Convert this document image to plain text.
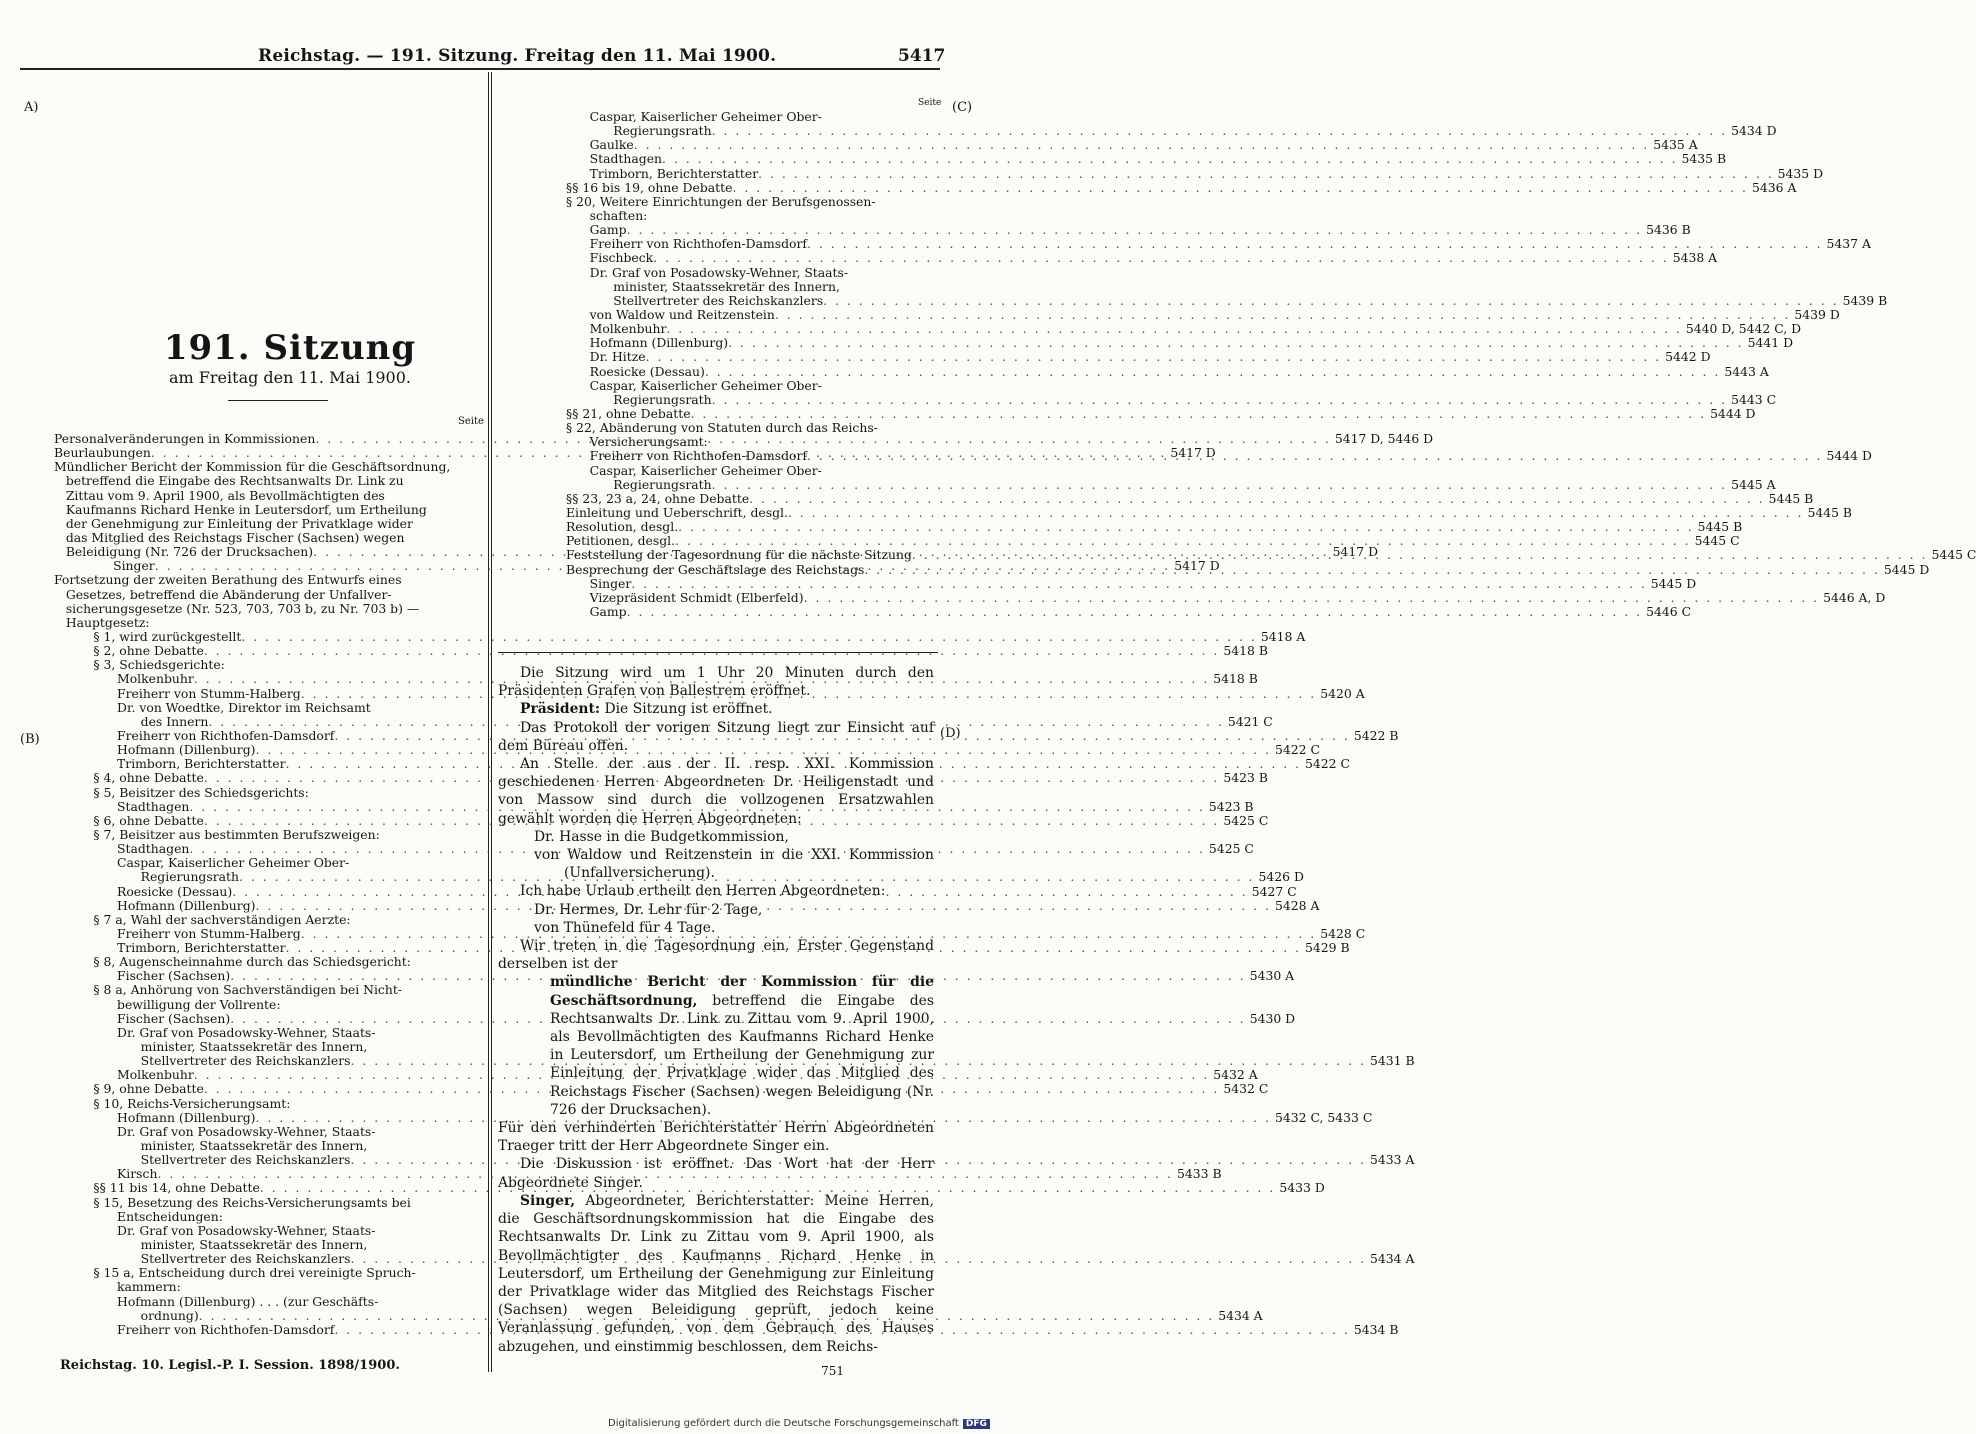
Reichstag. — 191. Sitzung. Freitag den 11. Mai 1900.	5417
A)	Seite (C)
(B)	(D)
191. Sitzung
am Freitag den 11. Mai 1900.
Seite
Personalveränderungen in Kommissionen . . .	5417 D, 5446 D
Beurlaubungen . . .	5417 D
Mündlicher Bericht der Kommission für die Geschäftsordnung,
betreffend die Eingabe des Rechtsanwalts Dr. Link zu
Zittau vom 9. April 1900, als Bevollmächtigten des
Kaufmanns Richard Henke in Leutersdorf, um Ertheilung
der Genehmigung zur Einleitung der Privatklage wider
das Mitglied des Reichstags Fischer (Sachsen) wegen
Beleidigung (Nr. 726 der Drucksachen) . . .	5417 D
Singer . . .	5417 D
Fortsetzung der zweiten Berathung des Entwurfs eines
Gesetzes, betreffend die Abänderung der Unfallver-
sicherungsgesetze (Nr. 523, 703, 703 b, zu Nr. 703 b) —
Hauptgesetz:
§ 1, wird zurückgestellt . . .	5418 A
§ 2, ohne Debatte . . .	5418 B
§ 3, Schiedsgerichte:
Molkenbuhr . . .	5418 B
Freiherr von Stumm-Halberg . . .	5420 A
Dr. von Woedtke, Direktor im Reichsamt
des Innern . . .	5421 C
Freiherr von Richthofen-Damsdorf . . .	5422 B
Hofmann (Dillenburg) . . .	5422 C
Trimborn, Berichterstatter . . .	5422 C
§ 4, ohne Debatte . . .	5423 B
§ 5, Beisitzer des Schiedsgerichts:
Stadthagen . . .	5423 B
§ 6, ohne Debatte . . .	5425 C
§ 7, Beisitzer aus bestimmten Berufszweigen:
Stadthagen . . .	5425 C
Caspar, Kaiserlicher Geheimer Ober-
Regierungsrath . . .	5426 D
Roesicke (Dessau) . . .	5427 C
Hofmann (Dillenburg) . . .	5428 A
§ 7 a, Wahl der sachverständigen Aerzte:
Freiherr von Stumm-Halberg . . .	5428 C
Trimborn, Berichterstatter . . .	5429 B
§ 8, Augenscheinnahme durch das Schiedsgericht:
Fischer (Sachsen) . . .	5430 A
§ 8 a, Anhörung von Sachverständigen bei Nicht-
bewilligung der Vollrente:
Fischer (Sachsen) . . .	5430 D
Dr. Graf von Posadowsky-Wehner, Staats-
minister, Staatssekretär des Innern,
Stellvertreter des Reichskanzlers . . .	5431 B
Molkenbuhr . . .	5432 A
§ 9, ohne Debatte . . .	5432 C
§ 10, Reichs-Versicherungsamt:
Hofmann (Dillenburg) . . .	5432 C, 5433 C
Dr. Graf von Posadowsky-Wehner, Staats-
minister, Staatssekretär des Innern,
Stellvertreter des Reichskanzlers . . .	5433 A
Kirsch . . .	5433 B
§§ 11 bis 14, ohne Debatte . . .	5433 D
§ 15, Besetzung des Reichs-Versicherungsamts bei
Entscheidungen:
Dr. Graf von Posadowsky-Wehner, Staats-
minister, Staatssekretär des Innern,
Stellvertreter des Reichskanzlers . . .	5434 A
§ 15 a, Entscheidung durch drei vereinigte Spruch-
kammern:
Hofmann (Dillenburg) . . . (zur Geschäfts-
ordnung) . . .	5434 A
Freiherr von Richthofen-Damsdorf . . .	5434 B
Caspar, Kaiserlicher Geheimer Ober-
Regierungsrath . . .	5434 D
Gaulke . . .	5435 A
Stadthagen . . .	5435 B
Trimborn, Berichterstatter . . .	5435 D
§§ 16 bis 19, ohne Debatte . . .	5436 A
§ 20, Weitere Einrichtungen der Berufsgenossen-
schaften:
Gamp . . .	5436 B
Freiherr von Richthofen-Damsdorf . . .	5437 A
Fischbeck . . .	5438 A
Dr. Graf von Posadowsky-Wehner, Staats-
minister, Staatssekretär des Innern,
Stellvertreter des Reichskanzlers . . .	5439 B
von Waldow und Reitzenstein . . .	5439 D
Molkenbuhr . . .	5440 D, 5442 C, D
Hofmann (Dillenburg) . . .	5441 D
Dr. Hitze . . .	5442 D
Roesicke (Dessau) . . .	5443 A
Caspar, Kaiserlicher Geheimer Ober-
Regierungsrath . . .	5443 C
§§ 21, ohne Debatte . . .	5444 D
§ 22, Abänderung von Statuten durch das Reichs-
Versicherungsamt:
Freiherr von Richthofen-Damsdorf . . .	5444 D
Caspar, Kaiserlicher Geheimer Ober-
Regierungsrath . . .	5445 A
§§ 23, 23 a, 24, ohne Debatte . . .	5445 B
Einleitung und Ueberschrift, desgl. . . .	5445 B
Resolution, desgl. . . .	5445 B
Petitionen, desgl. . . .	5445 C
Feststellung der Tagesordnung für die nächste Sitzung . . .	5445 C
Besprechung der Geschäftslage des Reichstags . . .	5445 D
Singer . . .	5445 D
Vizepräsident Schmidt (Elberfeld) . . .	5446 A, D
Gamp . . .	5446 C

Die Sitzung wird um 1 Uhr 20 Minuten durch den Präsidenten Grafen von Ballestrem eröffnet.

Präsident: Die Sitzung ist eröffnet.

Das Protokoll der vorigen Sitzung liegt zur Einsicht auf dem Büreau offen.

An Stelle der aus der II. resp. XXI. Kommission geschiedenen Herren Abgeordneten Dr. Heiligenstadt und von Massow sind durch die vollzogenen Ersatzwahlen gewählt worden die Herren Abgeordneten:

Dr. Hasse in die Budgetkommission,

von Waldow und Reitzenstein in die XXI. Kommission (Unfallversicherung).

Ich habe Urlaub ertheilt den Herren Abgeordneten:

Dr. Hermes, Dr. Lehr für 2 Tage,

von Thünefeld für 4 Tage.

Wir treten in die Tagesordnung ein. Erster Gegenstand derselben ist der

mündliche Bericht der Kommission für die Geschäftsordnung, betreffend die Eingabe des Rechtsanwalts Dr. Link zu Zittau vom 9. April 1900, als Bevollmächtigten des Kaufmanns Richard Henke in Leutersdorf, um Ertheilung der Genehmigung zur Einleitung der Privatklage wider das Mitglied des Reichstags Fischer (Sachsen) wegen Beleidigung (Nr. 726 der Drucksachen).

Für den verhinderten Berichterstatter Herrn Abgeordneten Traeger tritt der Herr Abgeordnete Singer ein.

Die Diskussion ist eröffnet. Das Wort hat der Herr Abgeordnete Singer.

Singer, Abgeordneter, Berichterstatter: Meine Herren, die Geschäftsordnungskommission hat die Eingabe des Rechtsanwalts Dr. Link zu Zittau vom 9. April 1900, als Bevollmächtigter des Kaufmanns Richard Henke in Leutersdorf, um Ertheilung der Genehmigung zur Einleitung der Privatklage wider das Mitglied des Reichstags Fischer (Sachsen) wegen Beleidigung geprüft, jedoch keine Veranlassung gefunden, von dem Gebrauch des Hauses abzugehen, und einstimmig beschlossen, dem Reichs-

751

Reichstag. 10. Legisl.-P. I. Session. 1898/1900.
Digitalisierung gefördert durch die Deutsche Forschungsgemeinschaft DFG
